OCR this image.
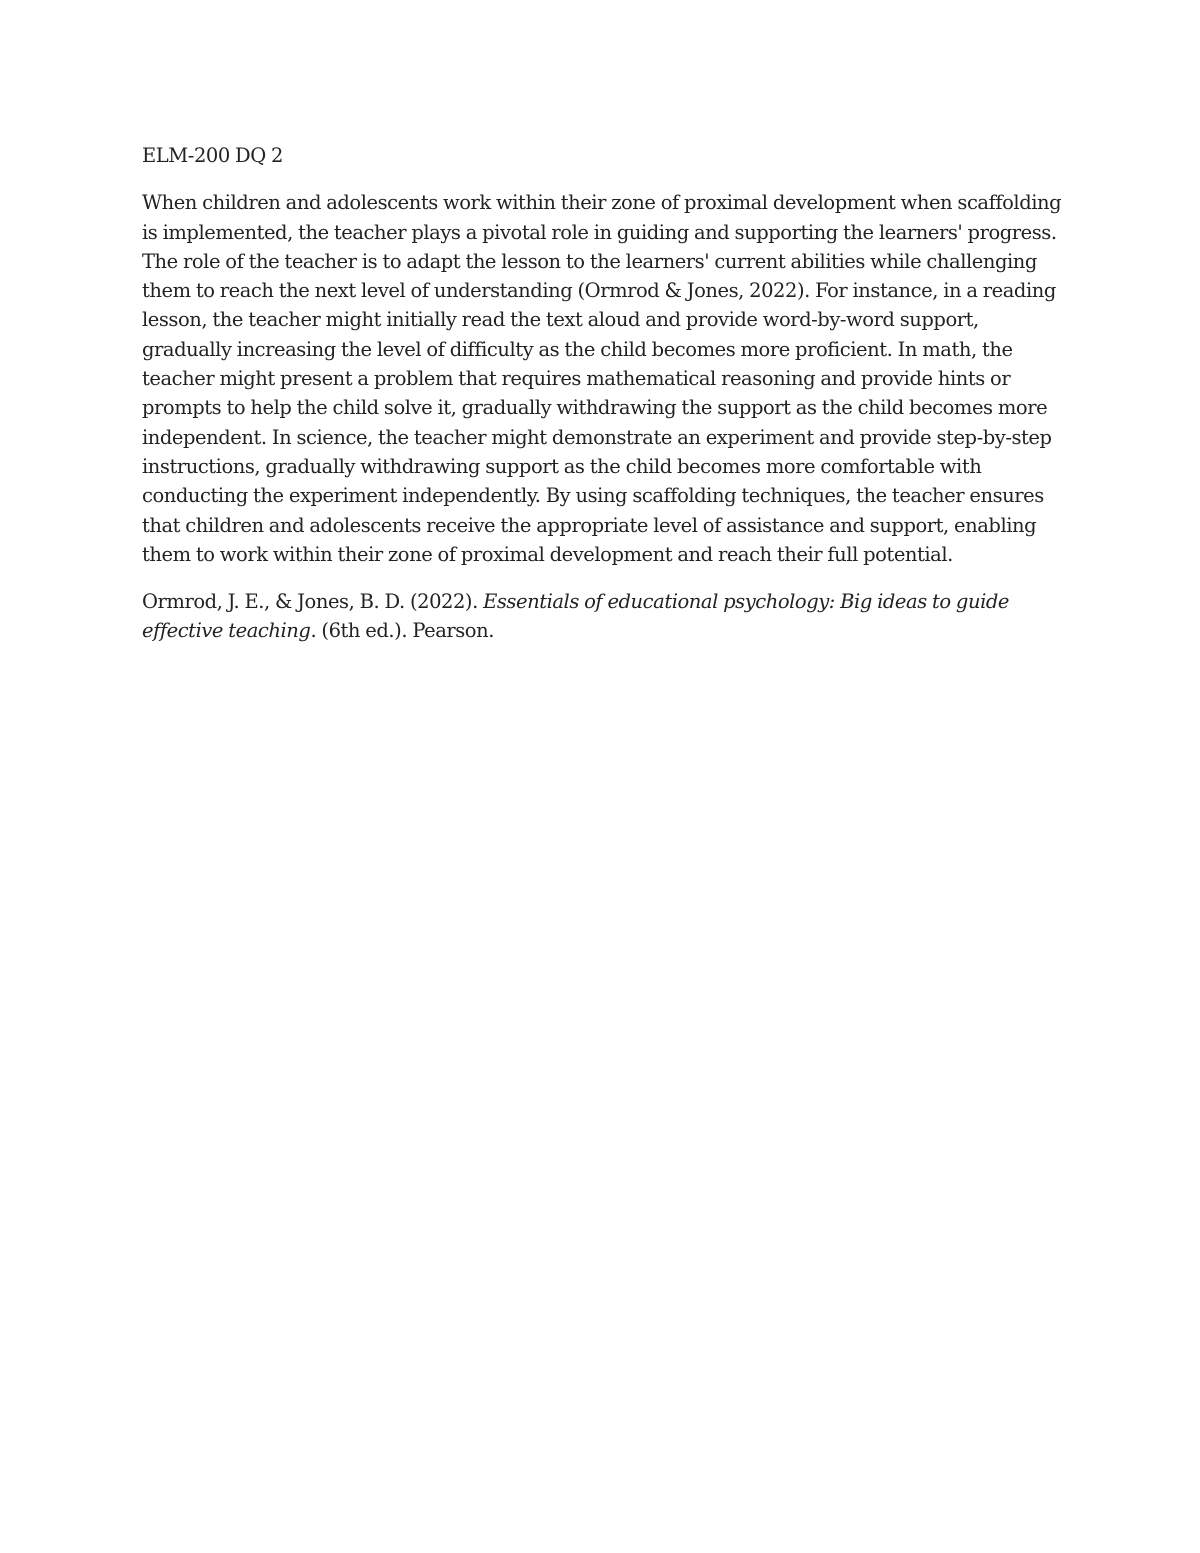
ELM-200 DQ 2

When children and adolescents work within their zone of proximal development when scaffolding is implemented, the teacher plays a pivotal role in guiding and supporting the learners' progress. The role of the teacher is to adapt the lesson to the learners' current abilities while challenging them to reach the next level of understanding (Ormrod & Jones, 2022). For instance, in a reading lesson, the teacher might initially read the text aloud and provide word-by-word support, gradually increasing the level of difficulty as the child becomes more proficient. In math, the teacher might present a problem that requires mathematical reasoning and provide hints or prompts to help the child solve it, gradually withdrawing the support as the child becomes more independent. In science, the teacher might demonstrate an experiment and provide step-by-step instructions, gradually withdrawing support as the child becomes more comfortable with conducting the experiment independently. By using scaffolding techniques, the teacher ensures that children and adolescents receive the appropriate level of assistance and support, enabling them to work within their zone of proximal development and reach their full potential.

Ormrod, J. E., & Jones, B. D. (2022). Essentials of educational psychology: Big ideas to guide effective teaching. (6th ed.). Pearson.
